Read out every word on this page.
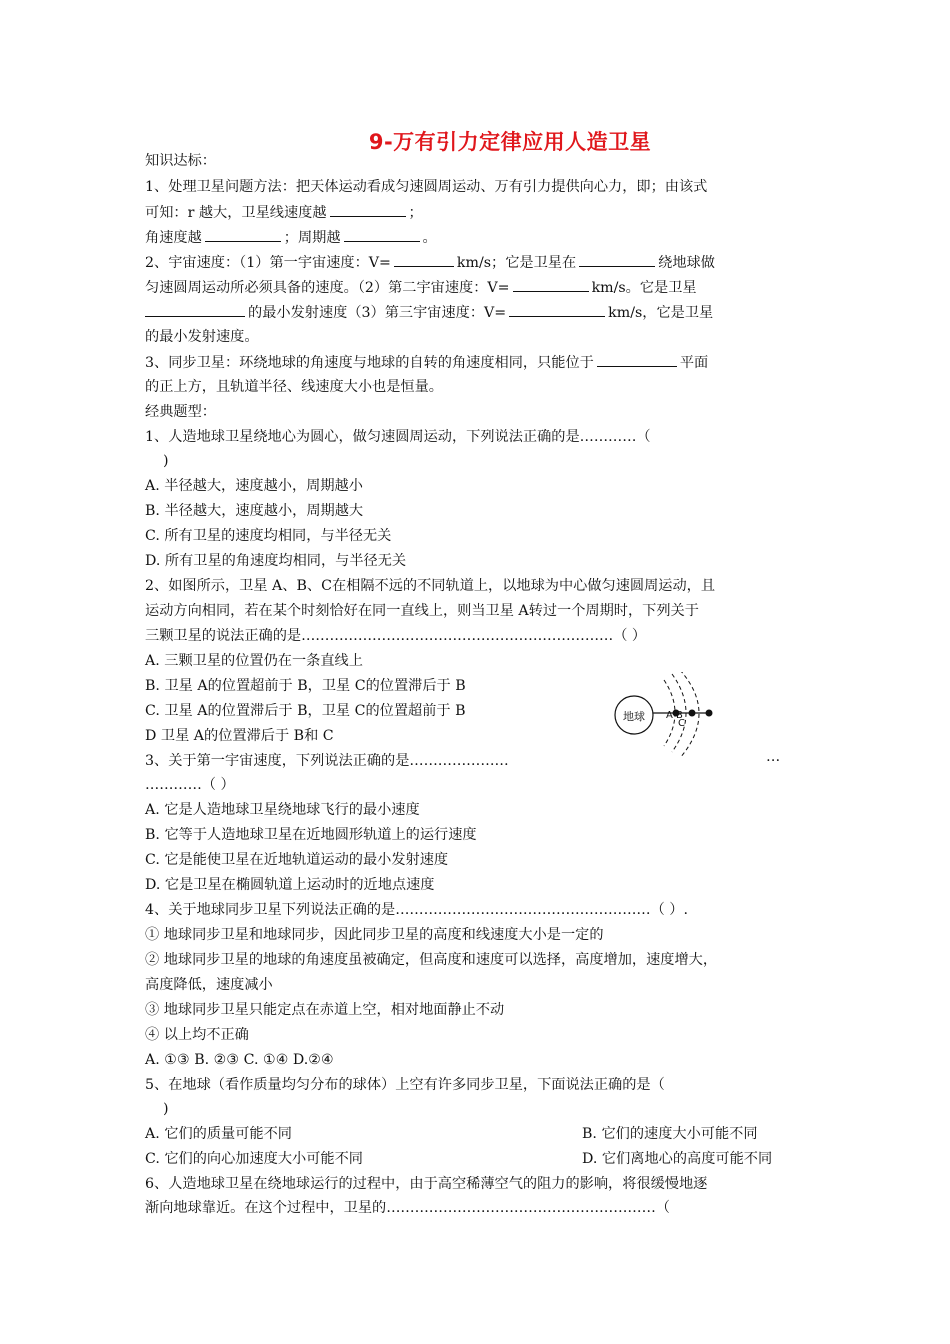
9-万有引力定律应用人造卫星
知识达标：
1、处理卫星问题方法：把天体运动看成匀速圆周运动、万有引力提供向心力，即；由该式
可知：r 越大，卫星线速度越	；
角速度越	；周期越	。
2、宇宙速度：（1）第一宇宙速度：V=	km/s；它是卫星在	绕地球做
匀速圆周运动所必须具备的速度。（2）第二宇宙速度：V=	km/s。它是卫星
的最小发射速度（3）第三宇宙速度：V=	km/s，它是卫星
的最小发射速度。
3、同步卫星：环绕地球的角速度与地球的自转的角速度相同，只能位于	平面
的正上方，且轨道半径、线速度大小也是恒量。
经典题型：
1、人造地球卫星绕地心为圆心，做匀速圆周运动，下列说法正确的是…………（
)
A. 半径越大，速度越小，周期越小
B. 半径越大，速度越小，周期越大
C. 所有卫星的速度均相同，与半径无关
D. 所有卫星的角速度均相同，与半径无关
2、如图所示，卫星 A、B、C在相隔不远的不同轨道上，以地球为中心做匀速圆周运动，且
运动方向相同，若在某个时刻恰好在同一直线上，则当卫星 A转过一个周期时，下列关于
三颗卫星的说法正确的是…………………………………………………………（ ）
A. 三颗卫星的位置仍在一条直线上
B. 卫星 A的位置超前于 B，卫星 C的位置滞后于 B
C. 卫星 A的位置滞后于 B，卫星 C的位置超前于 B
D 卫星 A的位置滞后于 B和 C
地球 A B
C
3、关于第一宇宙速度，下列说法正确的是…………………	…
…………（ ）
A. 它是人造地球卫星绕地球飞行的最小速度
B. 它等于人造地球卫星在近地圆形轨道上的运行速度
C. 它是能使卫星在近地轨道运动的最小发射速度
D. 它是卫星在椭圆轨道上运动时的近地点速度
4、关于地球同步卫星下列说法正确的是………………………………………………（ ）.
① 地球同步卫星和地球同步，因此同步卫星的高度和线速度大小是一定的
② 地球同步卫星的地球的角速度虽被确定，但高度和速度可以选择，高度增加，速度增大，
高度降低，速度减小
③ 地球同步卫星只能定点在赤道上空，相对地面静止不动
④ 以上均不正确
A. ①③ B. ②③ C. ①④ D.②④
5、在地球（看作质量均匀分布的球体）上空有许多同步卫星，下面说法正确的是（
)
A. 它们的质量可能不同	B. 它们的速度大小可能不同
C. 它们的向心加速度大小可能不同	D. 它们离地心的高度可能不同
6、人造地球卫星在绕地球运行的过程中，由于高空稀薄空气的阻力的影响，将很缓慢地逐
渐向地球靠近。在这个过程中，卫星的…………………………………………………（
